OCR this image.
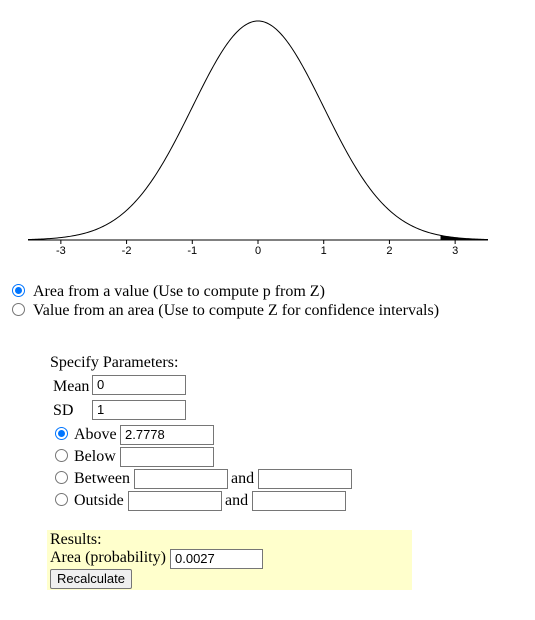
-3	-2	-1	0	1	2	3
Area from a value (Use to compute p from Z)
Value from an area (Use to compute Z for confidence intervals)
Specify Parameters:
Mean 0
SD	1
Above 2.7778
Below
Between	and
Outside	and
Results:
Area (probability) 0.0027
Recalculate
